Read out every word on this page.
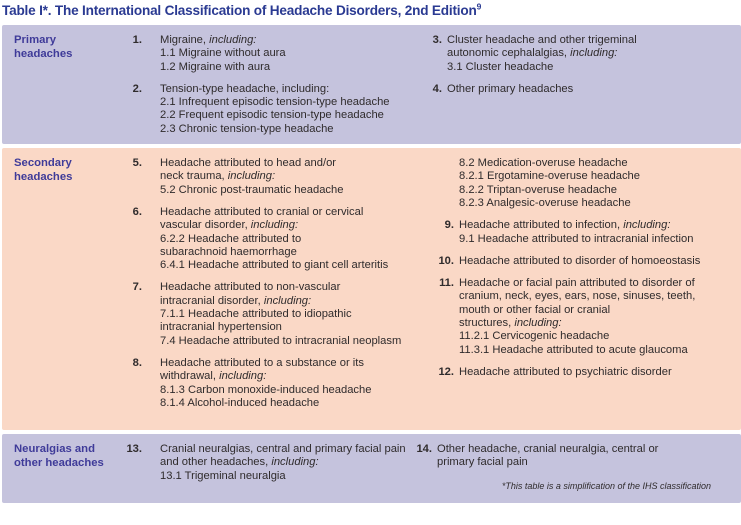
Table I*. The International Classification of Headache Disorders, 2nd Edition$^9$
Primary
headaches
1. Migraine, including:
1.1 Migraine without aura
1.2 Migraine with aura
2. Tension-type headache, including:
2.1 Infrequent episodic tension-type headache
2.2 Frequent episodic tension-type headache
2.3 Chronic tension-type headache
3. Cluster headache and other trigeminal
autonomic cephalalgias, including:
3.1 Cluster headache
4. Other primary headaches
Secondary
headaches
5. Headache attributed to head and/or
neck trauma, including:
5.2 Chronic post-traumatic headache
6. Headache attributed to cranial or cervical
vascular disorder, including:
6.2.2 Headache attributed to
subarachnoid haemorrhage
6.4.1 Headache attributed to giant cell arteritis
7. Headache attributed to non-vascular
intracranial disorder, including:
7.1.1 Headache attributed to idiopathic
intracranial hypertension
7.4 Headache attributed to intracranial neoplasm
8. Headache attributed to a substance or its
withdrawal, including:
8.1.3 Carbon monoxide-induced headache
8.1.4 Alcohol-induced headache
8.2 Medication-overuse headache
8.2.1 Ergotamine-overuse headache
8.2.2 Triptan-overuse headache
8.2.3 Analgesic-overuse headache
9. Headache attributed to infection, including:
9.1 Headache attributed to intracranial infection
10. Headache attributed to disorder of homoeostasis
11. Headache or facial pain attributed to disorder of
cranium, neck, eyes, ears, nose, sinuses, teeth,
mouth or other facial or cranial
structures, including:
11.2.1 Cervicogenic headache
11.3.1 Headache attributed to acute glaucoma
12. Headache attributed to psychiatric disorder
Neuralgias and
other headaches
13. Cranial neuralgias, central and primary facial pain
and other headaches, including:
13.1 Trigeminal neuralgia
14. Other headache, cranial neuralgia, central or
primary facial pain
*This table is a simplification of the IHS classification
